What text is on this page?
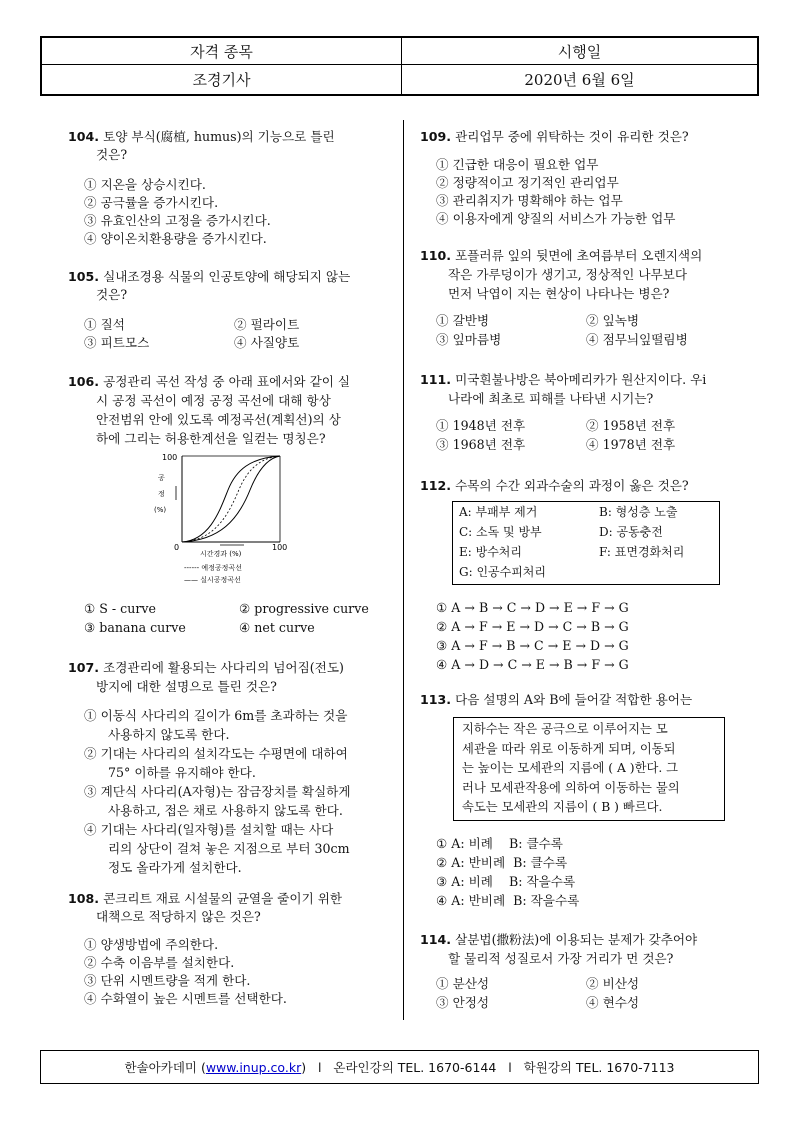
자격 종목	시행일
조경기사	2020년 6월 6일
104. 토양 부식(腐植, humus)의 기능으로 틀린
것은?
① 지온을 상승시킨다.
② 공극률을 증가시킨다.
③ 유효인산의 고정을 증가시킨다.
④ 양이온치환용량을 증가시킨다.
105. 실내조경용 식물의 인공토양에 해당되지 않는
것은?
① 질석	② 펄라이트
③ 피트모스	④ 사질양토
106. 공정관리 곡선 작성 중 아래 표에서와 같이 실
시 공정 곡선이 예정 공정 곡선에 대해 항상
안전범위 안에 있도록 예정곡선(계획선)의 상
하에 그리는 허용한계선을 일컫는 명칭은?
100
공
정
(%)
0	100
시간경과 (%)
------ 예정공정곡선
—— 실시공정곡선
① S - curve	② progressive curve
③ banana curve	④ net curve
107. 조경관리에 활용되는 사다리의 넘어짐(전도)
방지에 대한 설명으로 틀린 것은?
① 이동식 사다리의 길이가 6m를 초과하는 것을
사용하지 않도록 한다.
② 기대는 사다리의 설치각도는 수평면에 대하여
75° 이하를 유지해야 한다.
③ 계단식 사다리(A자형)는 잠금장치를 확실하게
사용하고, 접은 채로 사용하지 않도록 한다.
④ 기대는 사다리(일자형)를 설치할 때는 사다
리의 상단이 걸쳐 놓은 지점으로 부터 30cm
정도 올라가게 설치한다.
108. 콘크리트 재료 시설물의 균열을 줄이기 위한
대책으로 적당하지 않은 것은?
① 양생방법에 주의한다.
② 수축 이음부를 설치한다.
③ 단위 시멘트량을 적게 한다.
④ 수화열이 높은 시멘트를 선택한다.
109. 관리업무 중에 위탁하는 것이 유리한 것은?
① 긴급한 대응이 필요한 업무
② 정량적이고 정기적인 관리업무
③ 관리취지가 명확해야 하는 업무
④ 이용자에게 양질의 서비스가 가능한 업무
110. 포플러류 잎의 뒷면에 초여름부터 오렌지색의
작은 가루덩이가 생기고, 정상적인 나무보다
먼저 낙엽이 지는 현상이 나타나는 병은?
① 갈반병	② 잎녹병
③ 잎마름병	④ 점무늬잎떨림병
111. 미국흰불나방은 북아메리카가 원산지이다. 우i
나라에 최초로 피해를 나타낸 시기는?
① 1948년 전후	② 1958년 전후
③ 1968년 전후	④ 1978년 전후
112. 수목의 수간 외과수술의 과정이 옳은 것은?
A: 부패부 제거	B: 형성층 노출
C: 소독 및 방부	D: 공동충전
E: 방수처리	F: 표면경화처리
G: 인공수피처리
① A → B → C → D → E → F → G
② A → F → E → D → C → B → G
③ A → F → B → C → E → D → G
④ A → D → C → E → B → F → G
113. 다음 설명의 A와 B에 들어갈 적합한 용어는
지하수는 작은 공극으로 이루어지는 모
세관을 따라 위로 이동하게 되며, 이동되
는 높이는 모세관의 지름에 ( A )한다. 그
러나 모세관작용에 의하여 이동하는 물의
속도는 모세관의 지름이 ( B ) 빠르다.
① A: 비례    B: 클수록
② A: 반비례  B: 클수록
③ A: 비례    B: 작을수록
④ A: 반비례  B: 작을수록
114. 살분법(撒粉法)에 이용되는 분제가 갖추어야
할 물리적 성질로서 가장 거리가 먼 것은?
① 분산성	② 비산성
③ 안정성	④ 현수성
한솔아카데미 ( www.inup.co.kr )   l   온라인강의 TEL. 1670-6144   l   학원강의 TEL. 1670-7113
